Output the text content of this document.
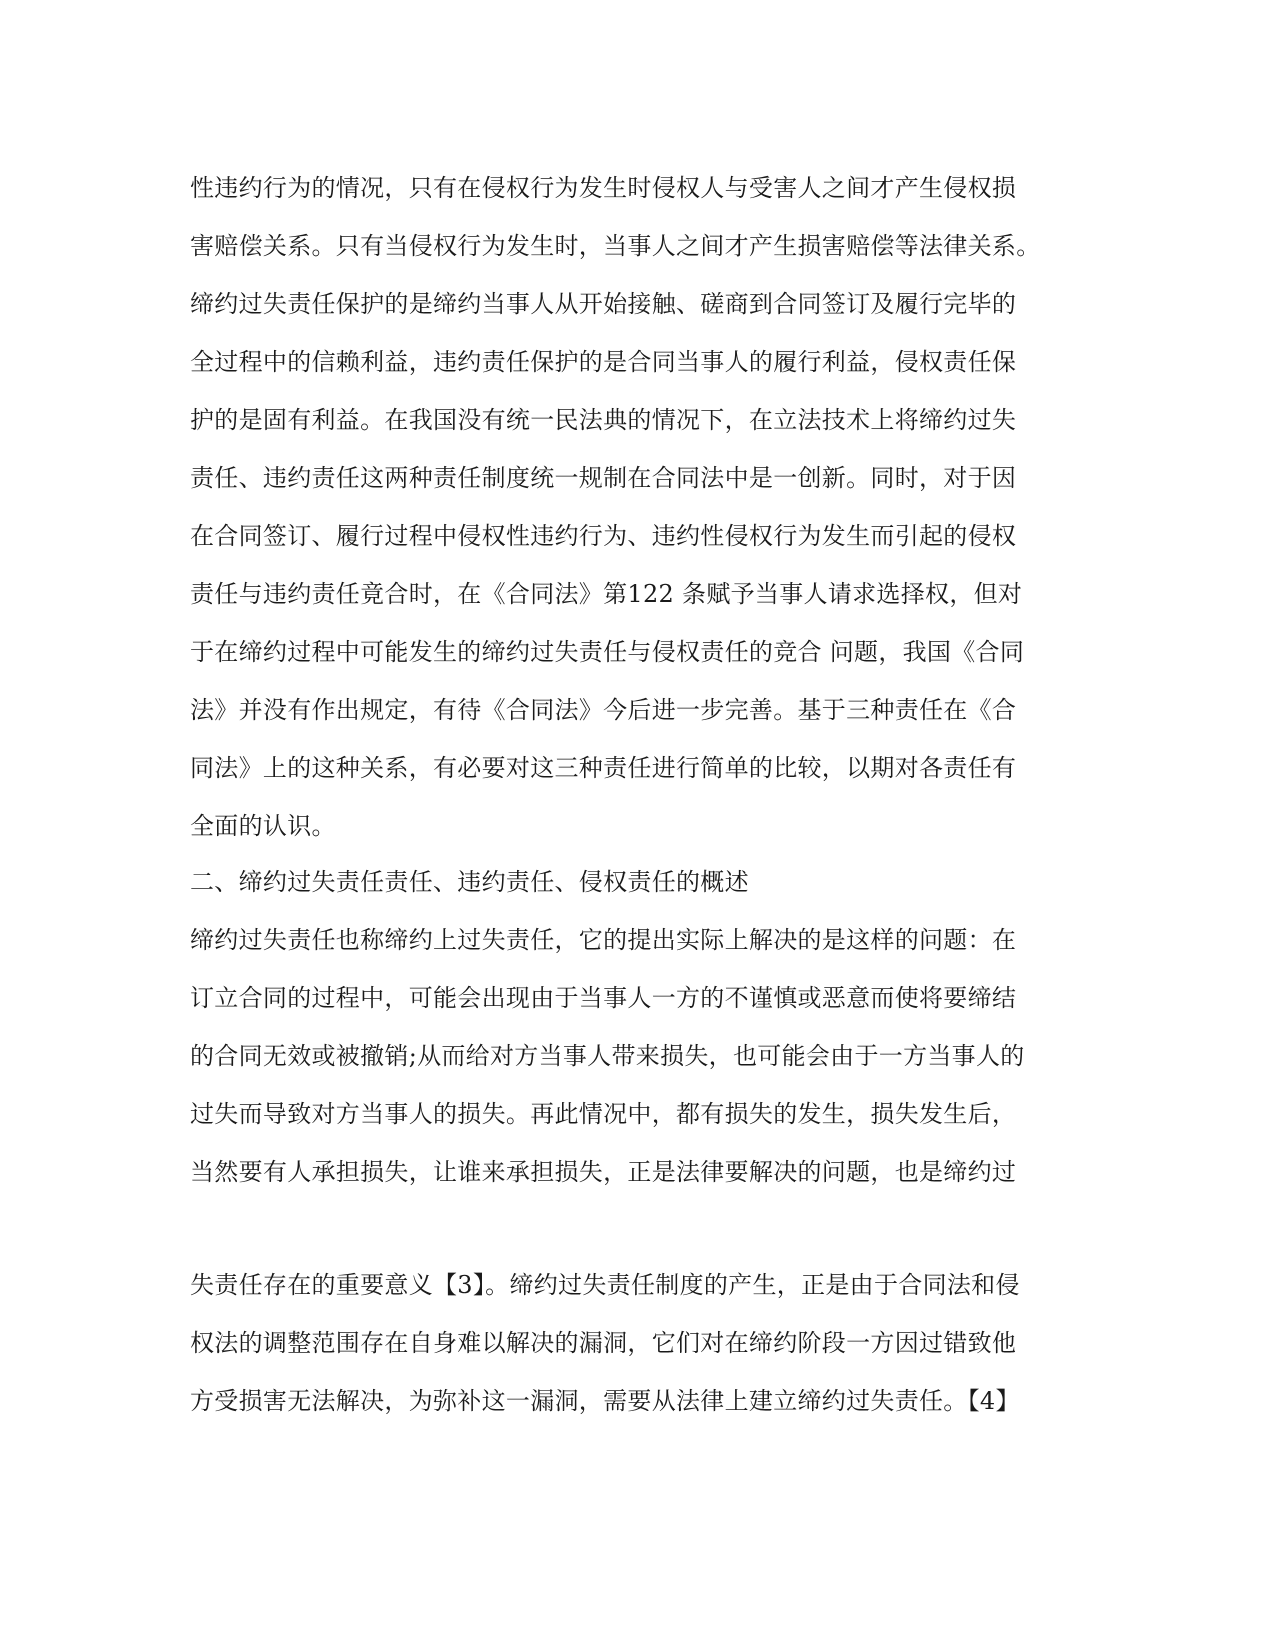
性违约行为的情况，只有在侵权行为发生时侵权人与受害人之间才产生侵权损
害赔偿关系。只有当侵权行为发生时，当事人之间才产生损害赔偿等法律关系。
缔约过失责任保护的是缔约当事人从开始接触、磋商到合同签订及履行完毕的
全过程中的信赖利益，违约责任保护的是合同当事人的履行利益，侵权责任保
护的是固有利益。在我国没有统一民法典的情况下，在立法技术上将缔约过失
责任、违约责任这两种责任制度统一规制在合同法中是一创新。同时，对于因
在合同签订、履行过程中侵权性违约行为、违约性侵权行为发生而引起的侵权
责任与违约责任竟合时，在《合同法》第122 条赋予当事人请求选择权，但对
于在缔约过程中可能发生的缔约过失责任与侵权责任的竞合 问题，我国《合同
法》并没有作出规定，有待《合同法》今后进一步完善。基于三种责任在《合
同法》上的这种关系，有必要对这三种责任进行简单的比较，以期对各责任有
全面的认识。
二、缔约过失责任责任、违约责任、侵权责任的概述
缔约过失责任也称缔约上过失责任，它的提出实际上解决的是这样的问题：在
订立合同的过程中，可能会出现由于当事人一方的不谨慎或恶意而使将要缔结
的合同无效或被撤销;从而给对方当事人带来损失，也可能会由于一方当事人的
过失而导致对方当事人的损失。再此情况中，都有损失的发生，损失发生后，
当然要有人承担损失，让谁来承担损失，正是法律要解决的问题，也是缔约过
失责任存在的重要意义【3】。缔约过失责任制度的产生，正是由于合同法和侵
权法的调整范围存在自身难以解决的漏洞，它们对在缔约阶段一方因过错致他
方受损害无法解决，为弥补这一漏洞，需要从法律上建立缔约过失责任。【4】
